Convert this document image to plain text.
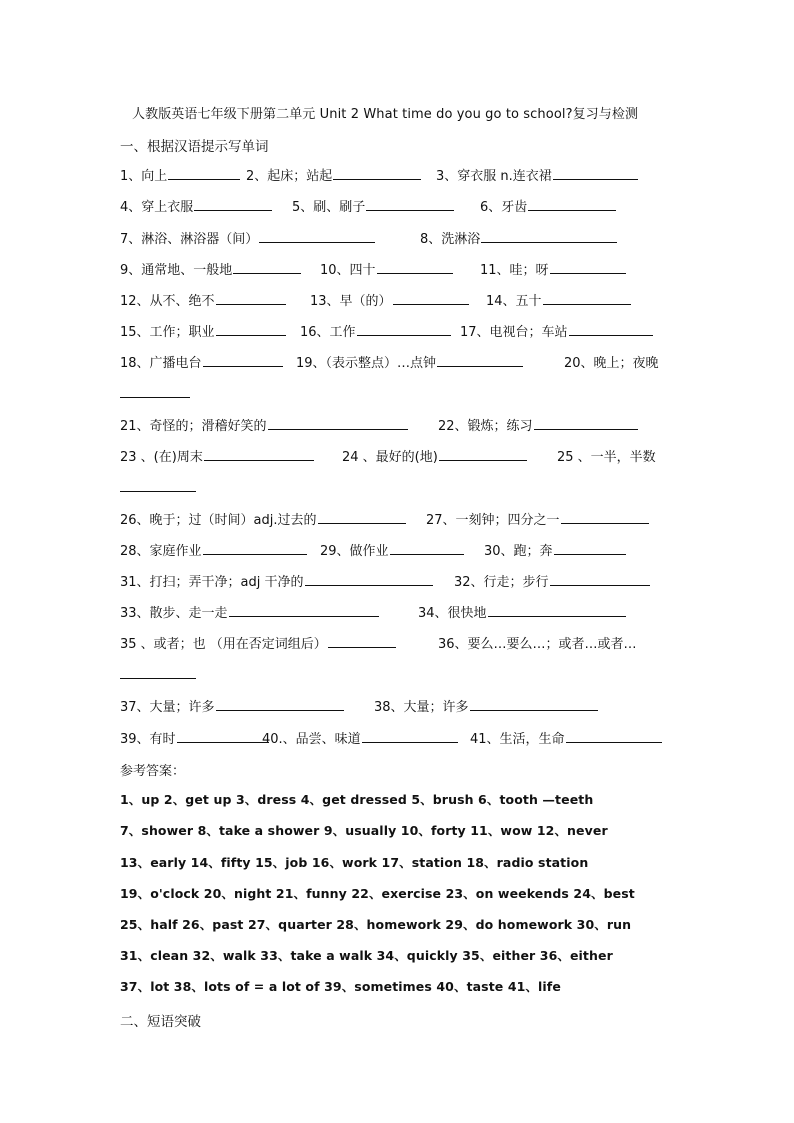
人教版英语七年级下册第二单元 Unit 2 What time do you go to school?复习与检测
一、根据汉语提示写单词
1、向上	2、起床；站起	3、穿衣服 n.连衣裙
4、穿上衣服	5、刷、刷子	6、牙齿
7、淋浴、淋浴器（间）	8、洗淋浴
9、通常地、一般地	10、四十	11、哇；呀
12、从不、绝不	13、早（的）	14、五十
15、工作；职业	16、工作	17、电视台；车站
18、广播电台	19、（表示整点）…点钟	20、晚上；夜晚
21、奇怪的；滑稽好笑的	22、锻炼；练习
23 、(在)周末	24 、最好的(地)	25 、一半，半数
26、晚于；过（时间）adj.过去的	27、一刻钟；四分之一
28、家庭作业	29、做作业	30、跑；奔
31、打扫；弄干净；adj 干净的	32、行走；步行
33、散步、走一走	34、很快地
35 、或者；也 （用在否定词组后）	36、要么…要么…；或者…或者…
37、大量；许多	38、大量；许多
39、有时	40.、品尝、味道	41、生活，生命
参考答案：
1、up 2、get up 3、dress 4、get dressed 5、brush 6、tooth —teeth
7、shower 8、take a shower 9、usually 10、forty 11、wow 12、never
13、early 14、fifty 15、job 16、work 17、station 18、radio station
19、o'clock 20、night 21、funny 22、exercise 23、on weekends 24、best
25、half 26、past 27、quarter 28、homework 29、do homework 30、run
31、clean 32、walk 33、take a walk 34、quickly 35、either 36、either
37、lot 38、lots of = a lot of 39、sometimes 40、taste 41、life
二、短语突破
